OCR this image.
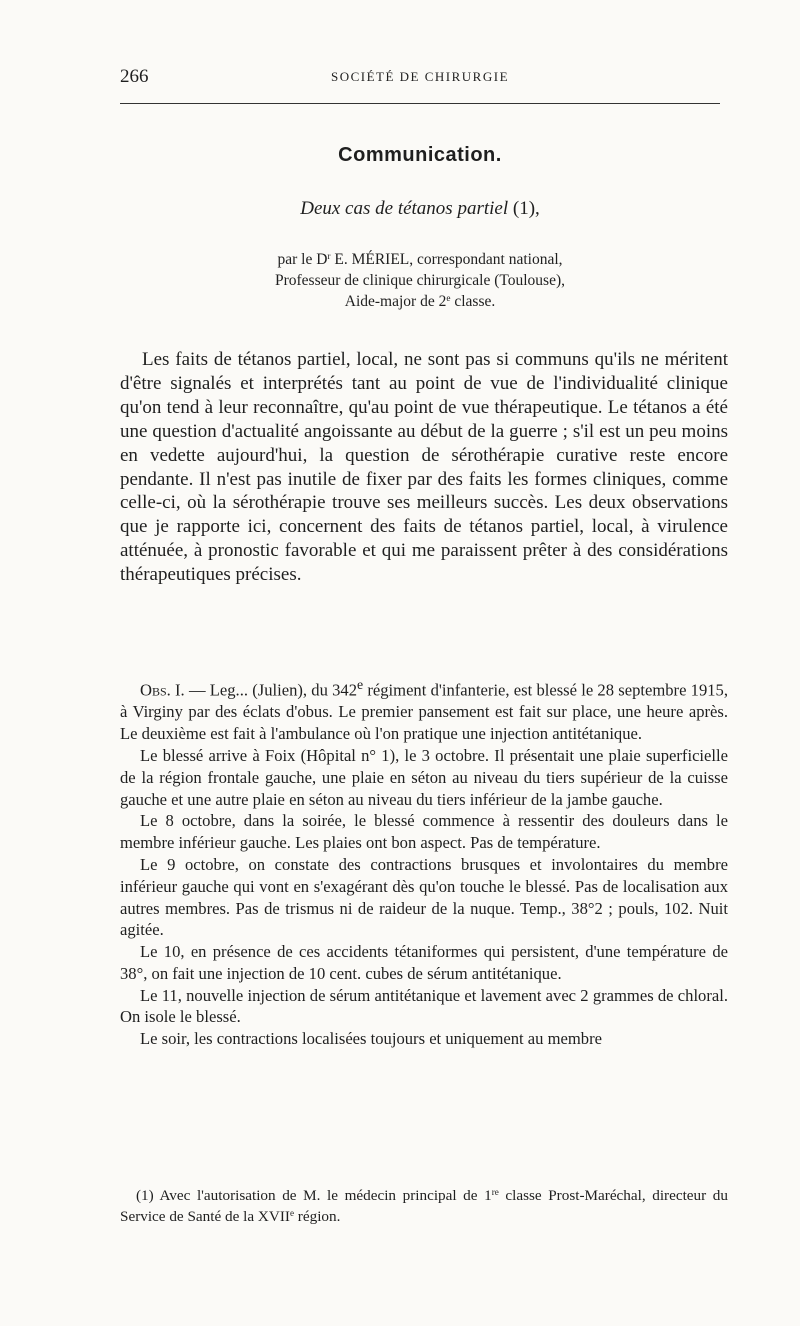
266	SOCIÉTÉ DE CHIRURGIE
Communication.
Deux cas de tétanos partiel (1),
par le $D^r$ E. MÉRIEL, correspondant national,
Professeur de clinique chirurgicale (Toulouse),
Aide-major de 2e classe.

Les faits de tétanos partiel, local, ne sont pas si communs qu'ils ne méritent d'être signalés et interprétés tant au point de vue de l'individualité clinique qu'on tend à leur reconnaître, qu'au point de vue thérapeutique. Le tétanos a été une question d'actualité angoissante au début de la guerre ; s'il est un peu moins en vedette aujourd'hui, la question de sérothérapie curative reste encore pendante. Il n'est pas inutile de fixer par des faits les formes cliniques, comme celle-ci, où la sérothérapie trouve ses meilleurs succès. Les deux observations que je rapporte ici, concernent des faits de tétanos partiel, local, à virulence atténuée, à pronostic favorable et qui me paraissent prêter à des considérations thérapeutiques précises.

Obs. I. — Leg... (Julien), du 342e régiment d'infanterie, est blessé le 28 septembre 1915, à Virginy par des éclats d'obus. Le premier pansement est fait sur place, une heure après. Le deuxième est fait à l'ambulance où l'on pratique une injection antitétanique.

Le blessé arrive à Foix (Hôpital n° 1), le 3 octobre. Il présentait une plaie superficielle de la région frontale gauche, une plaie en séton au niveau du tiers supérieur de la cuisse gauche et une autre plaie en séton au niveau du tiers inférieur de la jambe gauche.

Le 8 octobre, dans la soirée, le blessé commence à ressentir des douleurs dans le membre inférieur gauche. Les plaies ont bon aspect. Pas de température.

Le 9 octobre, on constate des contractions brusques et involontaires du membre inférieur gauche qui vont en s'exagérant dès qu'on touche le blessé. Pas de localisation aux autres membres. Pas de trismus ni de raideur de la nuque. Temp., 38°2 ; pouls, 102. Nuit agitée.

Le 10, en présence de ces accidents tétaniformes qui persistent, d'une température de 38°, on fait une injection de 10 cent. cubes de sérum antitétanique.

Le 11, nouvelle injection de sérum antitétanique et lavement avec 2 grammes de chloral. On isole le blessé.

Le soir, les contractions localisées toujours et uniquement au membre

(1) Avec l'autorisation de M. le médecin principal de 1re classe Prost-Maréchal, directeur du Service de Santé de la XVIIe région.
